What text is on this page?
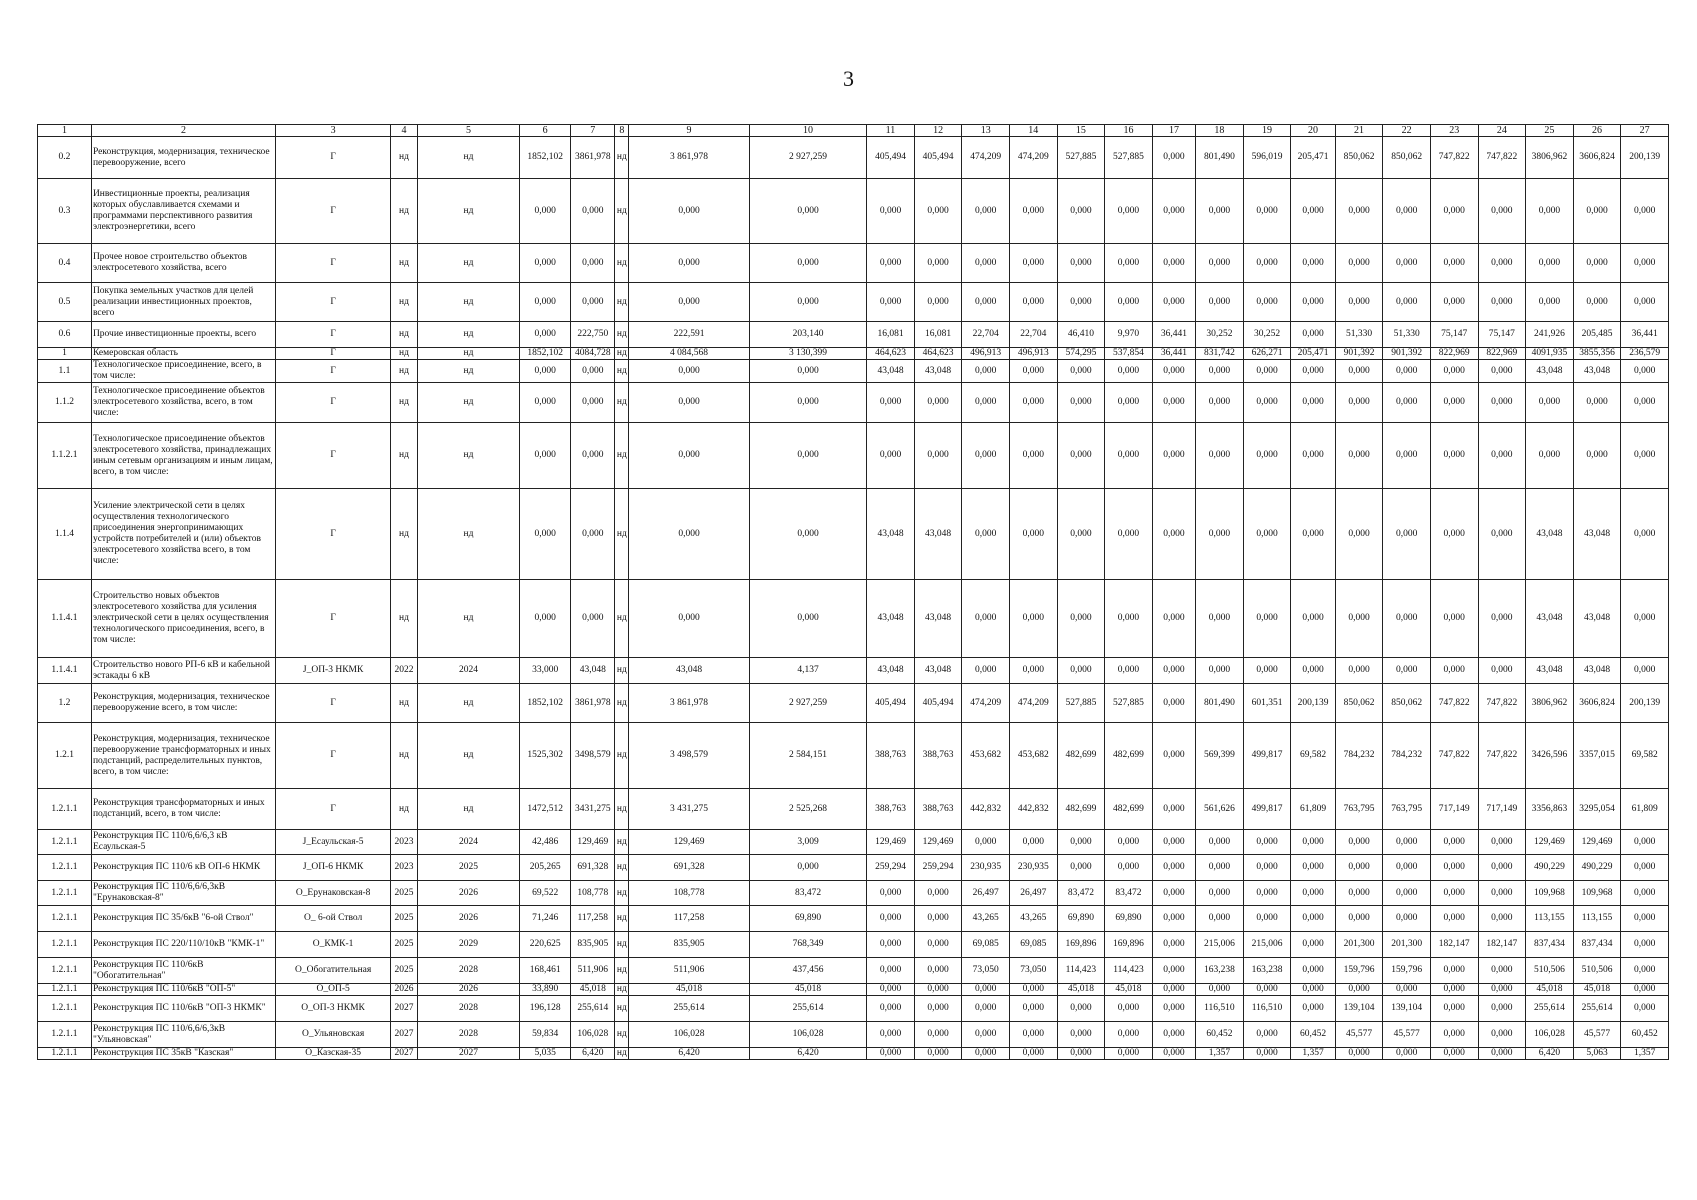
3
1	2	3	4	5	6	7	8	9	10	11	12	13	14	15	16	17	18	19	20	21	22	23	24	25	26	27
0.2	Реконструкция, модернизация, техническое перевооружение, всего	Г	нд	нд	1852,102	3861,978	нд	3 861,978	2 927,259	405,494	405,494	474,209	474,209	527,885	527,885	0,000	801,490	596,019	205,471	850,062	850,062	747,822	747,822	3806,962	3606,824	200,139
0.3	Инвестиционные проекты, реализация которых обуславливается схемами и программами перспективного развития электроэнергетики, всего	Г	нд	нд	0,000	0,000	нд	0,000	0,000	0,000	0,000	0,000	0,000	0,000	0,000	0,000	0,000	0,000	0,000	0,000	0,000	0,000	0,000	0,000	0,000	0,000
0.4	Прочее новое строительство объектов электросетевого хозяйства, всего	Г	нд	нд	0,000	0,000	нд	0,000	0,000	0,000	0,000	0,000	0,000	0,000	0,000	0,000	0,000	0,000	0,000	0,000	0,000	0,000	0,000	0,000	0,000	0,000
0.5	Покупка земельных участков для целей реализации инвестиционных проектов, всего	Г	нд	нд	0,000	0,000	нд	0,000	0,000	0,000	0,000	0,000	0,000	0,000	0,000	0,000	0,000	0,000	0,000	0,000	0,000	0,000	0,000	0,000	0,000	0,000
0.6	Прочие инвестиционные проекты, всего	Г	нд	нд	0,000	222,750	нд	222,591	203,140	16,081	16,081	22,704	22,704	46,410	9,970	36,441	30,252	30,252	0,000	51,330	51,330	75,147	75,147	241,926	205,485	36,441
1	Кемеровская область	Г	нд	нд	1852,102	4084,728	нд	4 084,568	3 130,399	464,623	464,623	496,913	496,913	574,295	537,854	36,441	831,742	626,271	205,471	901,392	901,392	822,969	822,969	4091,935	3855,356	236,579
1.1	Технологическое присоединение, всего, в том числе:	Г	нд	нд	0,000	0,000	нд	0,000	0,000	43,048	43,048	0,000	0,000	0,000	0,000	0,000	0,000	0,000	0,000	0,000	0,000	0,000	0,000	43,048	43,048	0,000
1.1.2	Технологическое присоединение объектов электросетевого хозяйства, всего, в том числе:	Г	нд	нд	0,000	0,000	нд	0,000	0,000	0,000	0,000	0,000	0,000	0,000	0,000	0,000	0,000	0,000	0,000	0,000	0,000	0,000	0,000	0,000	0,000	0,000
1.1.2.1	Технологическое присоединение объектов электросетевого хозяйства, принадлежащих иным сетевым организациям и иным лицам, всего, в том числе:	Г	нд	нд	0,000	0,000	нд	0,000	0,000	0,000	0,000	0,000	0,000	0,000	0,000	0,000	0,000	0,000	0,000	0,000	0,000	0,000	0,000	0,000	0,000	0,000
1.1.4	Усиление электрической сети в целях осуществления технологического присоединения энергопринимающих устройств потребителей и (или) объектов электросетевого хозяйства всего, в том числе:	Г	нд	нд	0,000	0,000	нд	0,000	0,000	43,048	43,048	0,000	0,000	0,000	0,000	0,000	0,000	0,000	0,000	0,000	0,000	0,000	0,000	43,048	43,048	0,000
1.1.4.1	Строительство новых объектов электросетевого хозяйства для усиления электрической сети в целях осуществления технологического присоединения, всего, в том числе:	Г	нд	нд	0,000	0,000	нд	0,000	0,000	43,048	43,048	0,000	0,000	0,000	0,000	0,000	0,000	0,000	0,000	0,000	0,000	0,000	0,000	43,048	43,048	0,000
1.1.4.1	Строительство нового РП-6 кВ и кабельной эстакады 6 кВ	J_ОП-3 НКМК	2022	2024	33,000	43,048	нд	43,048	4,137	43,048	43,048	0,000	0,000	0,000	0,000	0,000	0,000	0,000	0,000	0,000	0,000	0,000	0,000	43,048	43,048	0,000
1.2	Реконструкция, модернизация, техническое перевооружение всего, в том числе:	Г	нд	нд	1852,102	3861,978	нд	3 861,978	2 927,259	405,494	405,494	474,209	474,209	527,885	527,885	0,000	801,490	601,351	200,139	850,062	850,062	747,822	747,822	3806,962	3606,824	200,139
1.2.1	Реконструкция, модернизация, техническое перевооружение трансформаторных и иных подстанций, распределительных пунктов, всего, в том числе:	Г	нд	нд	1525,302	3498,579	нд	3 498,579	2 584,151	388,763	388,763	453,682	453,682	482,699	482,699	0,000	569,399	499,817	69,582	784,232	784,232	747,822	747,822	3426,596	3357,015	69,582
1.2.1.1	Реконструкция трансформаторных и иных подстанций, всего, в том числе:	Г	нд	нд	1472,512	3431,275	нд	3 431,275	2 525,268	388,763	388,763	442,832	442,832	482,699	482,699	0,000	561,626	499,817	61,809	763,795	763,795	717,149	717,149	3356,863	3295,054	61,809
1.2.1.1	Реконструкция ПС 110/6,6/6,3 кВ Есаульская-5	J_Есаульская-5	2023	2024	42,486	129,469	нд	129,469	3,009	129,469	129,469	0,000	0,000	0,000	0,000	0,000	0,000	0,000	0,000	0,000	0,000	0,000	0,000	129,469	129,469	0,000
1.2.1.1	Реконструкция ПС 110/6 кВ ОП-6 НКМК	J_ОП-6 НКМК	2023	2025	205,265	691,328	нд	691,328	0,000	259,294	259,294	230,935	230,935	0,000	0,000	0,000	0,000	0,000	0,000	0,000	0,000	0,000	0,000	490,229	490,229	0,000
1.2.1.1	Реконструкция ПС 110/6,6/6,3кВ "Ерунаковская-8"	О_Ерунаковская-8	2025	2026	69,522	108,778	нд	108,778	83,472	0,000	0,000	26,497	26,497	83,472	83,472	0,000	0,000	0,000	0,000	0,000	0,000	0,000	0,000	109,968	109,968	0,000
1.2.1.1	Реконструкция ПС 35/6кВ "6-ой Ствол"	О_ 6-ой Ствол	2025	2026	71,246	117,258	нд	117,258	69,890	0,000	0,000	43,265	43,265	69,890	69,890	0,000	0,000	0,000	0,000	0,000	0,000	0,000	0,000	113,155	113,155	0,000
1.2.1.1	Реконструкция ПС 220/110/10кВ "КМК-1"	О_КМК-1	2025	2029	220,625	835,905	нд	835,905	768,349	0,000	0,000	69,085	69,085	169,896	169,896	0,000	215,006	215,006	0,000	201,300	201,300	182,147	182,147	837,434	837,434	0,000
1.2.1.1	Реконструкция ПС 110/6кВ "Обогатительная"	О_Обогатительная	2025	2028	168,461	511,906	нд	511,906	437,456	0,000	0,000	73,050	73,050	114,423	114,423	0,000	163,238	163,238	0,000	159,796	159,796	0,000	0,000	510,506	510,506	0,000
1.2.1.1	Реконструкция ПС 110/6кВ "ОП-5"	О_ОП-5	2026	2026	33,890	45,018	нд	45,018	45,018	0,000	0,000	0,000	0,000	45,018	45,018	0,000	0,000	0,000	0,000	0,000	0,000	0,000	0,000	45,018	45,018	0,000
1.2.1.1	Реконструкция ПС 110/6кВ "ОП-3 НКМК"	О_ОП-3 НКМК	2027	2028	196,128	255,614	нд	255,614	255,614	0,000	0,000	0,000	0,000	0,000	0,000	0,000	116,510	116,510	0,000	139,104	139,104	0,000	0,000	255,614	255,614	0,000
1.2.1.1	Реконструкция ПС 110/6,6/6,3кВ "Ульяновская"	О_Ульяновская	2027	2028	59,834	106,028	нд	106,028	106,028	0,000	0,000	0,000	0,000	0,000	0,000	0,000	60,452	0,000	60,452	45,577	45,577	0,000	0,000	106,028	45,577	60,452
1.2.1.1	Реконструкция ПС 35кВ "Казская"	О_Казская-35	2027	2027	5,035	6,420	нд	6,420	6,420	0,000	0,000	0,000	0,000	0,000	0,000	0,000	1,357	0,000	1,357	0,000	0,000	0,000	0,000	6,420	5,063	1,357
